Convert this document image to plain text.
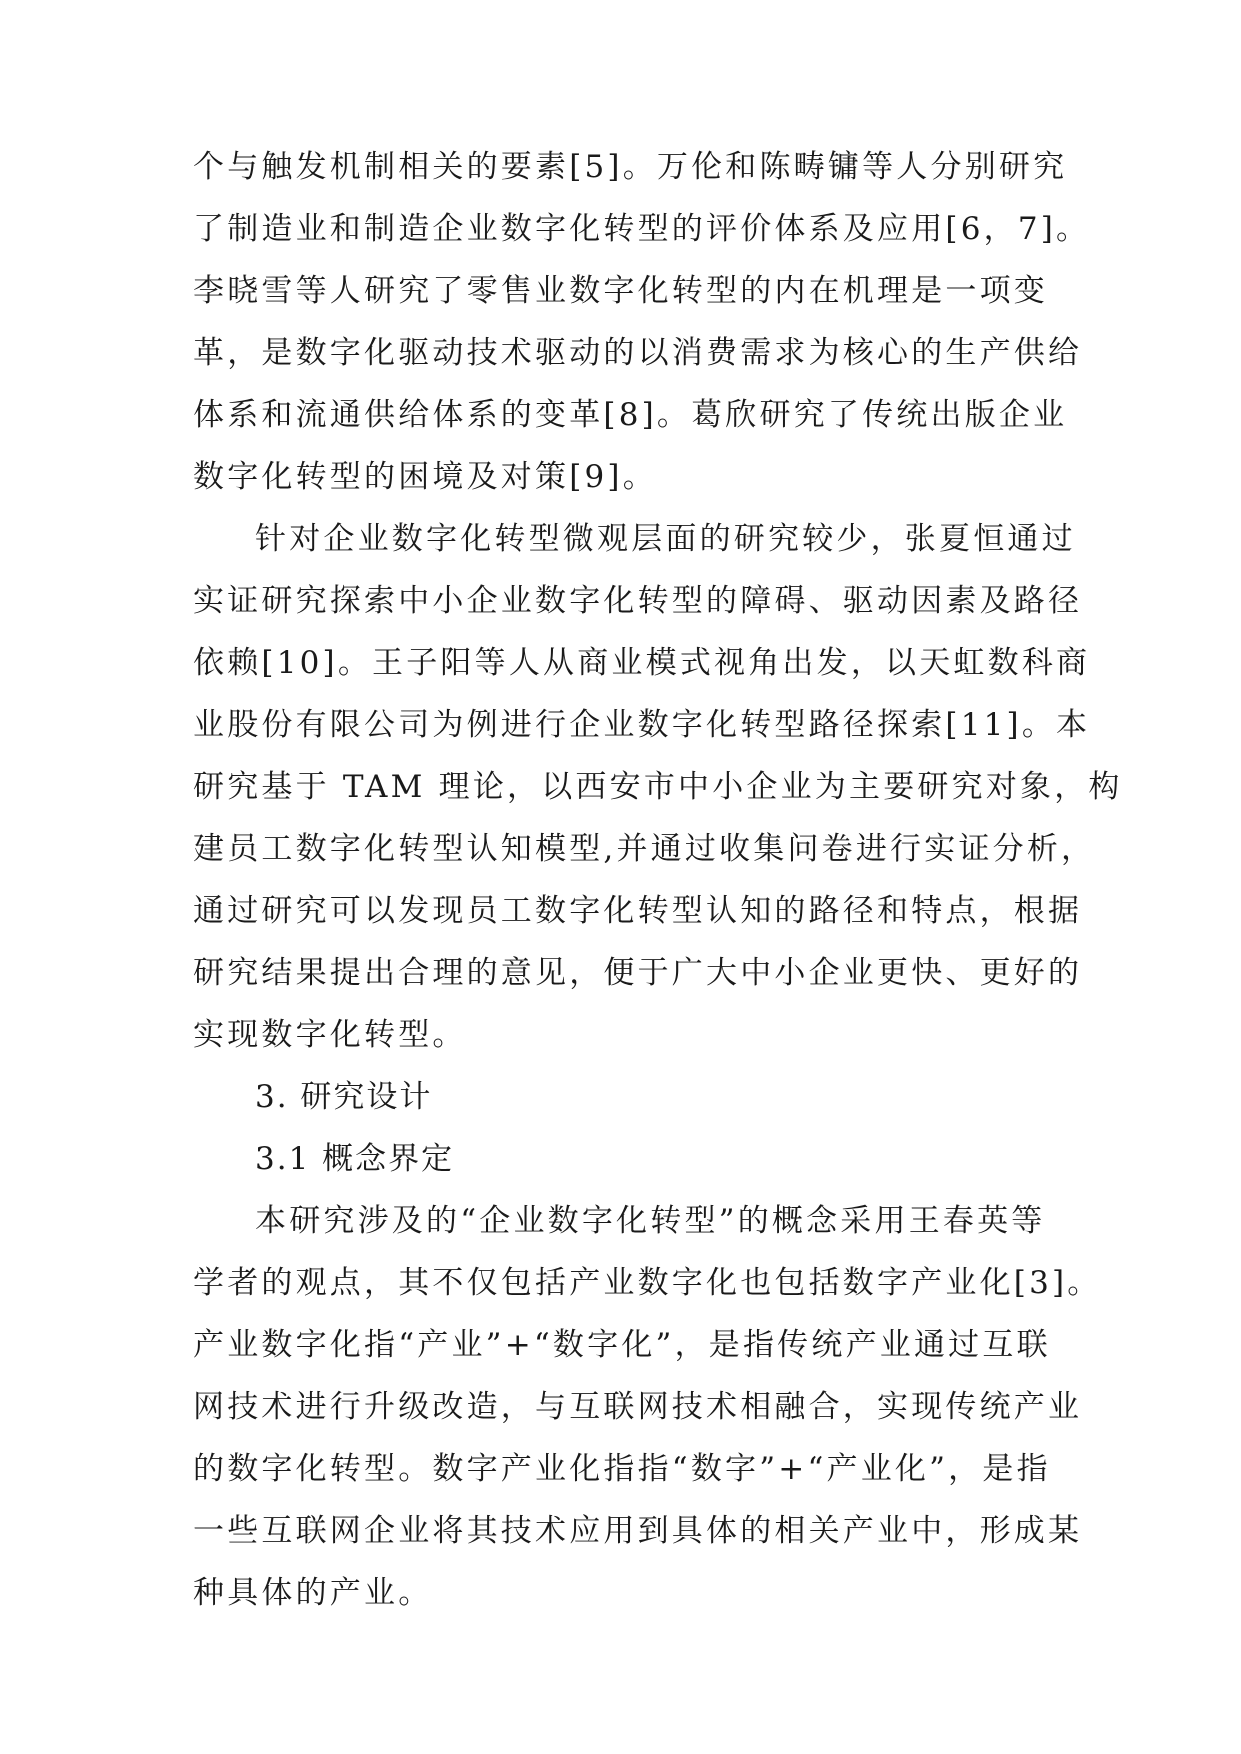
个与触发机制相关的要素[5]。万伦和陈畴镛等人分别研究
了制造业和制造企业数字化转型的评价体系及应用[6，7]。
李晓雪等人研究了零售业数字化转型的内在机理是一项变
革，是数字化驱动技术驱动的以消费需求为核心的生产供给
体系和流通供给体系的变革[8]。葛欣研究了传统出版企业
数字化转型的困境及对策[9]。
针对企业数字化转型微观层面的研究较少，张夏恒通过
实证研究探索中小企业数字化转型的障碍、驱动因素及路径
依赖[10]。王子阳等人从商业模式视角出发，以天虹数科商
业股份有限公司为例进行企业数字化转型路径探索[11]。本
研究基于 TAM 理论，以西安市中小企业为主要研究对象，构
建员工数字化转型认知模型,并通过收集问卷进行实证分析，
通过研究可以发现员工数字化转型认知的路径和特点，根据
研究结果提出合理的意见，便于广大中小企业更快、更好的
实现数字化转型。
3. 研究设计
3.1 概念界定
本研究涉及的“企业数字化转型”的概念采用王春英等
学者的观点，其不仅包括产业数字化也包括数字产业化[3]。
产业数字化指“产业”+“数字化”，是指传统产业通过互联
网技术进行升级改造，与互联网技术相融合，实现传统产业
的数字化转型。数字产业化指指“数字”+“产业化”，是指
一些互联网企业将其技术应用到具体的相关产业中，形成某
种具体的产业。
